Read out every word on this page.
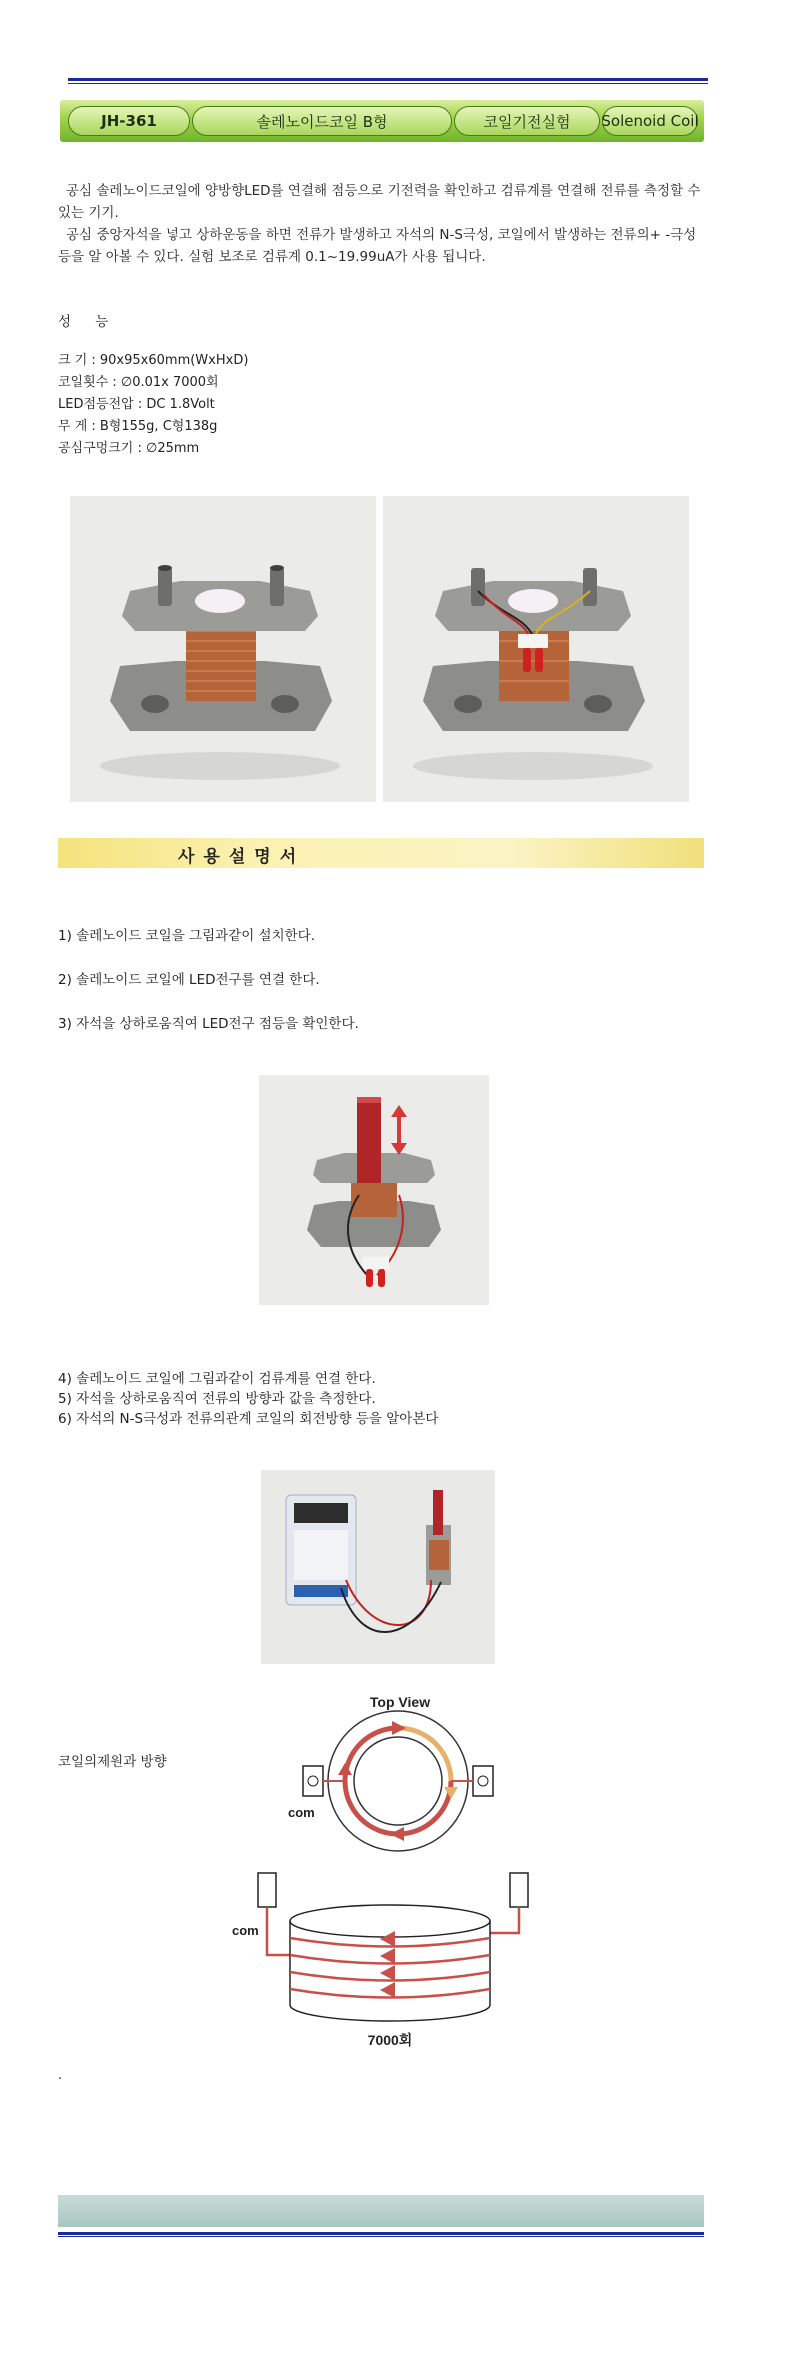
JH-361	솔레노이드코일 B형	코일기전실험	Solenoid Coil

공심 솔레노이드코일에 양방향LED를 연결해 점등으로 기전력을 확인하고 검류계를 연결해 전류를 측정할 수 있는 기기.

공심 중앙자석을 넣고 상하운동을 하면 전류가 발생하고 자석의 N-S극성, 코일에서 발생하는 전류의+ -극성 등을 알 아볼 수 있다. 실험 보조로 검류계 0.1~19.99uA가 사용 됩니다.

성 능
크 기 : 90x95x60mm(WxHxD)
코일횟수 : ∅0.01x 7000회
LED점등전압 : DC 1.8Volt
무 게 : B형155g, C형138g
공심구멍크기 : ∅25mm
사용설명서
1) 솔레노이드 코일을 그림과같이 설치한다.
2) 솔레노이드 코일에 LED전구를 연결 한다.
3) 자석을 상하로움직여 LED전구 점등을 확인한다.
4) 솔레노이드 코일에 그림과같이 검류계를 연결 한다.
5) 자석을 상하로움직여 전류의 방향과 값을 측정한다.
6) 자석의 N-S극성과 전류의관계 코일의 회전방향 등을 알아본다
코일의제원과 방향
Top View
com
com
7000회
.
